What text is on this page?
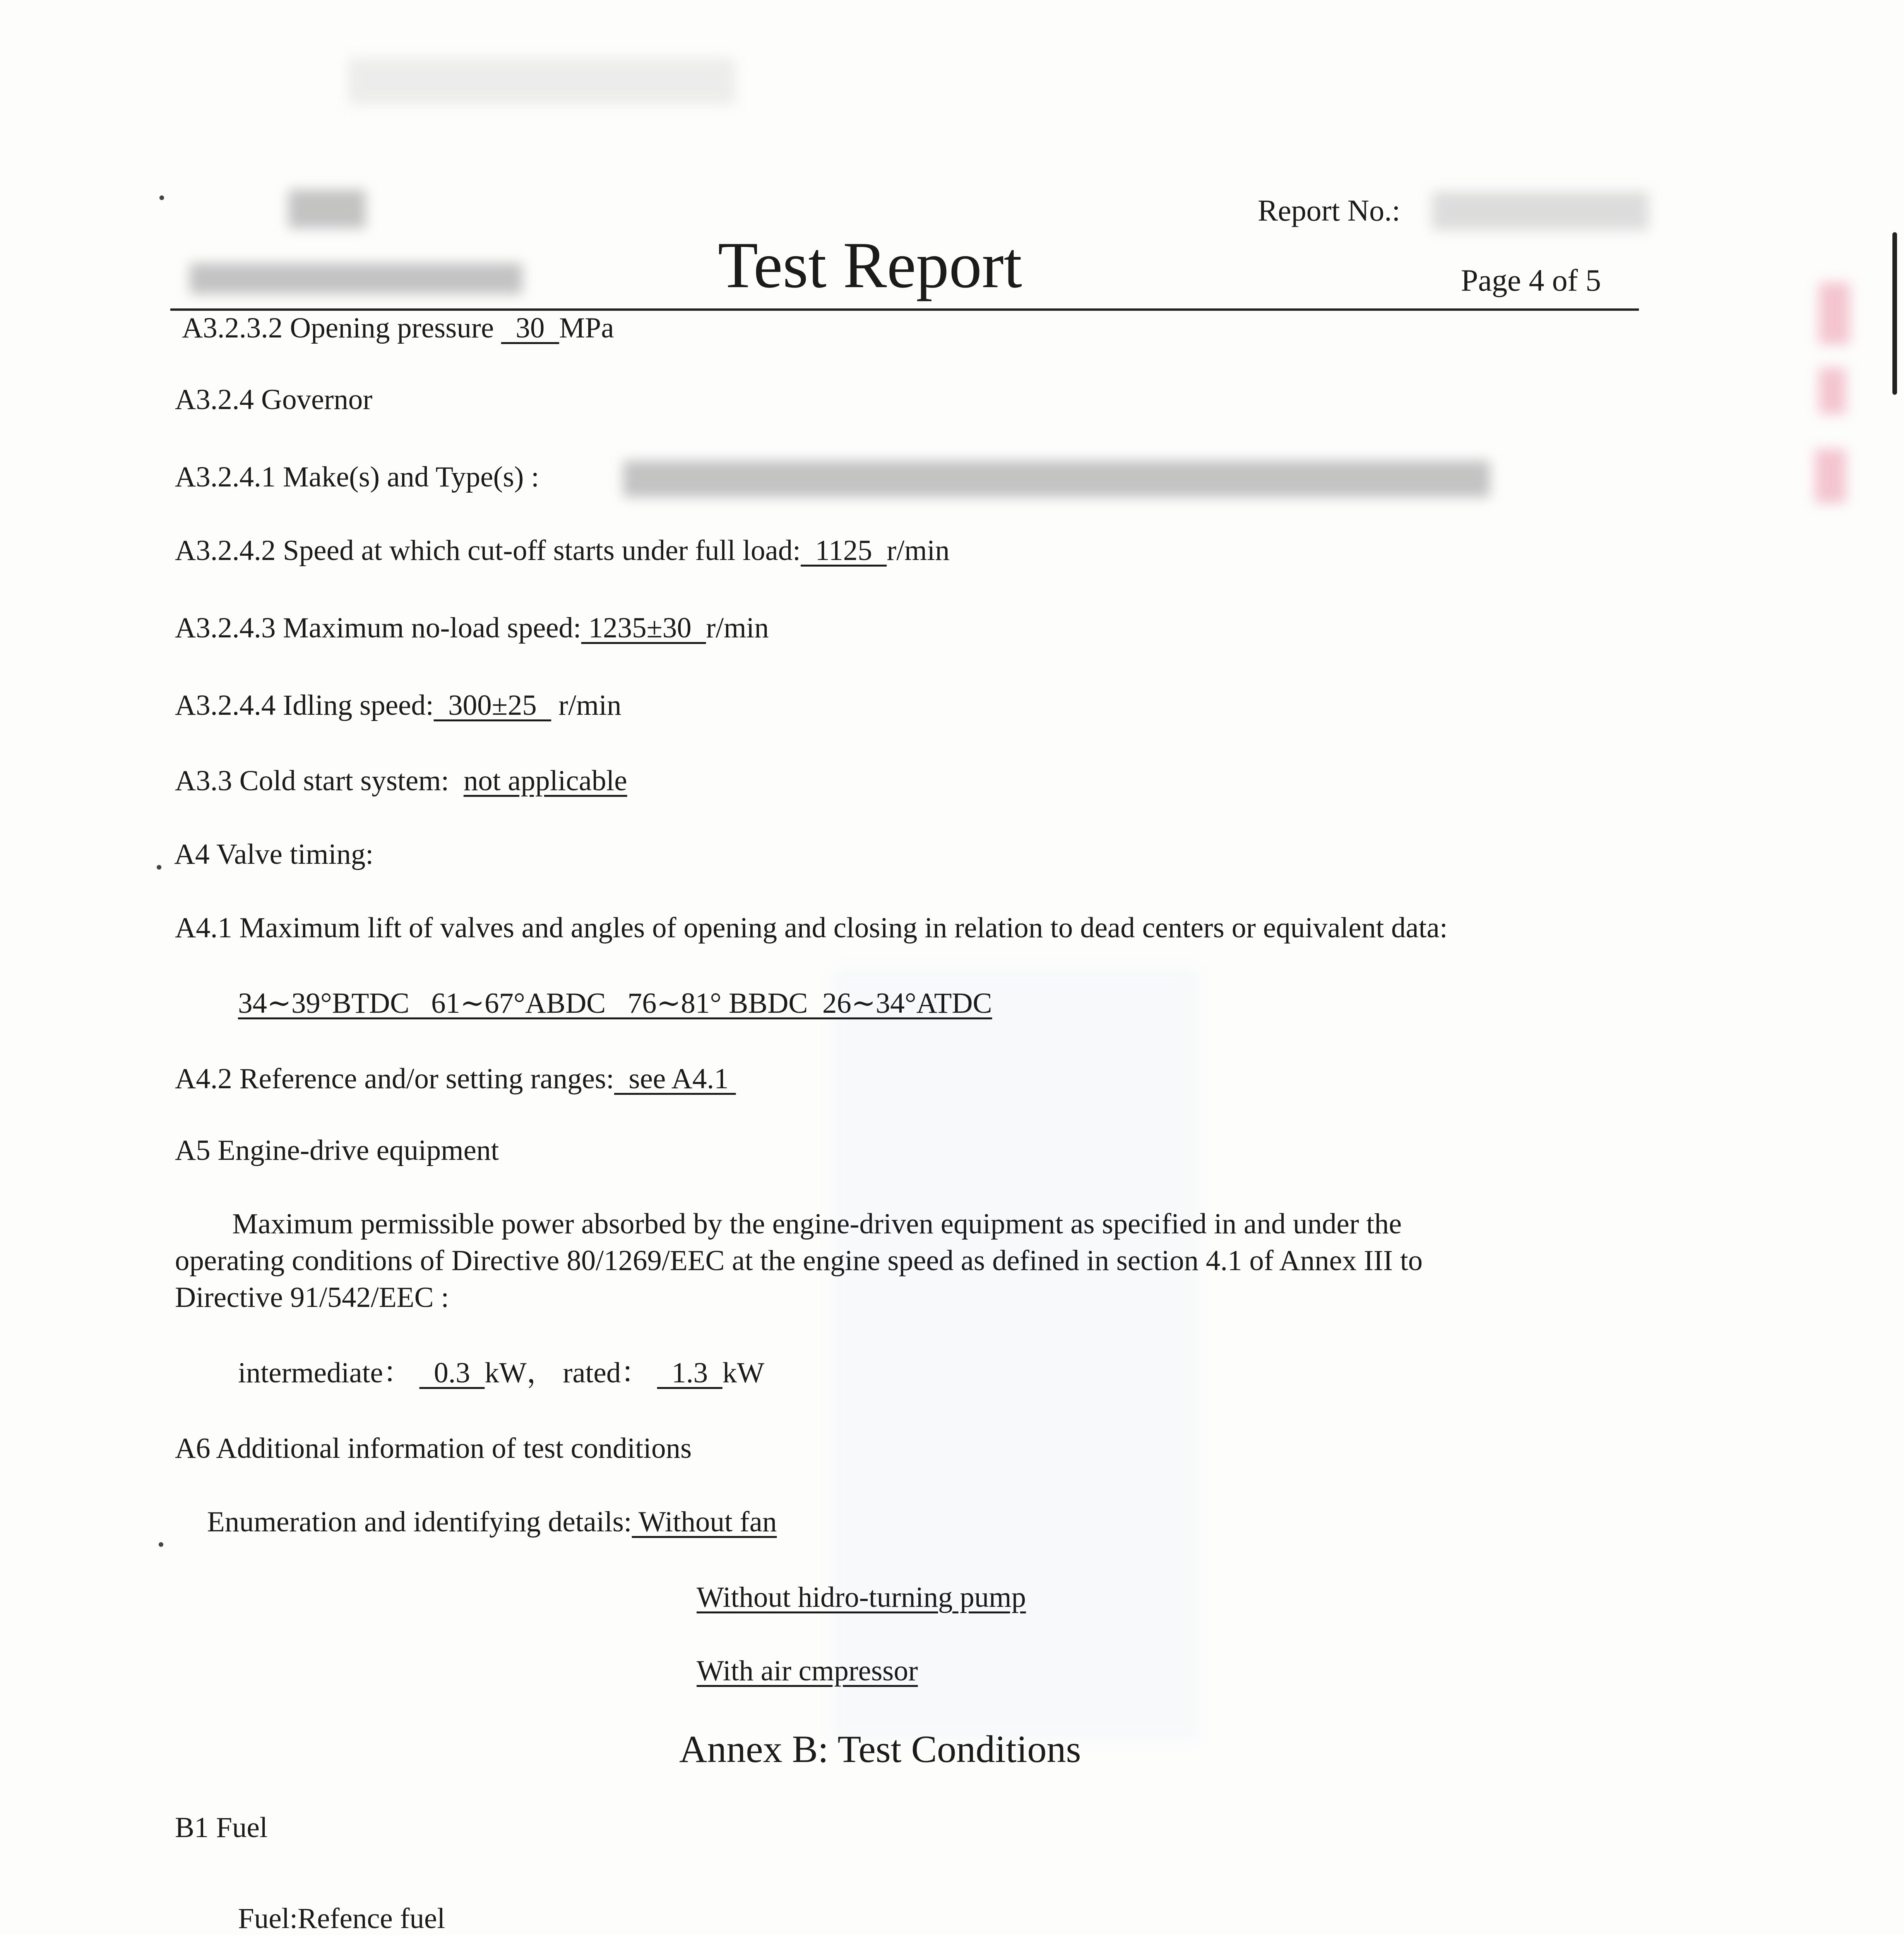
Report No.:
Test Report	Page 4 of 5
A3.2.3.2 Opening pressure   30  MPa
A3.2.4 Governor
A3.2.4.1 Make(s) and Type(s) :
A3.2.4.2 Speed at which cut-off starts under full load:  1125  r/min
A3.2.4.3 Maximum no-load speed: 1235±30  r/min
A3.2.4.4 Idling speed:  300±25   r/min
A3.3 Cold start system: not applicable
A4 Valve timing:
A4.1 Maximum lift of valves and angles of opening and closing in relation to dead centers or equivalent data:
34∼39°BTDC   61∼67°ABDC   76∼81° BBDC  26∼34°ATDC
A4.2 Reference and/or setting ranges:  see A4.1
A5 Engine-drive equipment
Maximum permissible power absorbed by the engine-driven equipment as specified in and under the
operating conditions of Directive 80/1269/EEC at the engine speed as defined in section 4.1 of Annex III to
Directive 91/542/EEC :
intermediate：   0.3  kW， rated：   1.3  kW
A6 Additional information of test conditions
Enumeration and identifying details: Without fan
Without hidro-turning pump
With air cmpressor
Annex B: Test Conditions
B1 Fuel
Fuel:Refence fuel
